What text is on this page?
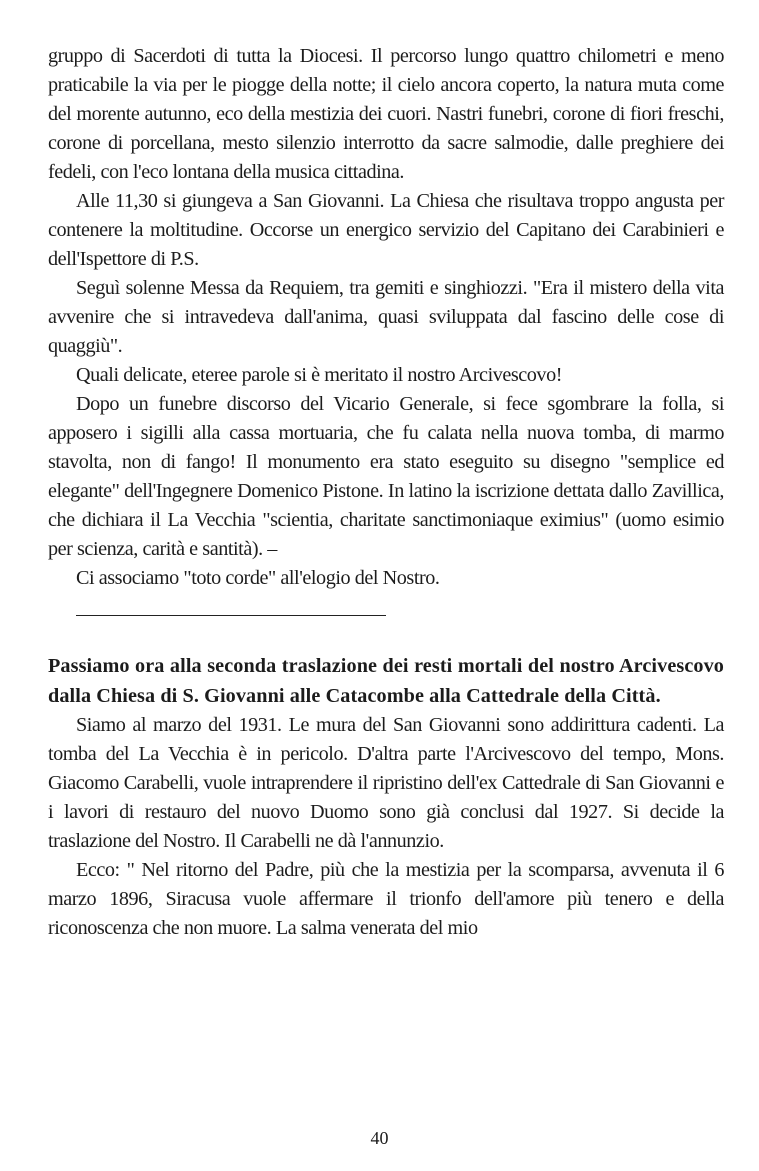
gruppo di Sacerdoti di tutta la Diocesi. Il percorso lungo quattro chilometri e meno praticabile la via per le piogge della notte; il cielo ancora coperto, la natura muta come del morente autunno, eco della mestizia dei cuori. Nastri funebri, corone di fiori freschi, corone di porcellana, mesto silenzio interrotto da sacre salmodie, dalle preghiere dei fedeli, con l'eco lontana della musica cittadina.

Alle 11,30 si giungeva a San Giovanni. La Chiesa che risultava troppo angusta per contenere la moltitudine. Occorse un energico servizio del Capitano dei Carabinieri e dell'Ispettore di P.S.

Seguì solenne Messa da Requiem, tra gemiti e singhiozzi. "Era il mistero della vita avvenire che si intravedeva dall'anima, quasi sviluppata dal fascino delle cose di quaggiù".

Quali delicate, eteree parole si è meritato il nostro Arcivescovo!

Dopo un funebre discorso del Vicario Generale, si fece sgombrare la folla, si apposero i sigilli alla cassa mortuaria, che fu calata nella nuova tomba, di marmo stavolta, non di fango! Il monumento era stato eseguito su disegno "semplice ed elegante" dell'Ingegnere Domenico Pistone. In latino la iscrizione dettata dallo Zavillica, che dichiara il La Vecchia "scientia, charitate sanctimoniaque eximius" (uomo esimio per scienza, carità e santità). –

Ci associamo "toto corde" all'elogio del Nostro.

Passiamo ora alla seconda traslazione dei resti mortali del nostro Arcivescovo dalla Chiesa di S. Giovanni alle Catacombe alla Cattedrale della Città.

Siamo al marzo del 1931. Le mura del San Giovanni sono addirittura cadenti. La tomba del La Vecchia è in pericolo. D'altra parte l'Arcivescovo del tempo, Mons. Giacomo Carabelli, vuole intraprendere il ripristino dell'ex Cattedrale di San Giovanni e i lavori di restauro del nuovo Duomo sono già conclusi dal 1927. Si decide la traslazione del Nostro. Il Carabelli ne dà l'annunzio.

Ecco: " Nel ritorno del Padre, più che la mestizia per la scomparsa, avvenuta il 6 marzo 1896, Siracusa vuole affermare il trionfo dell'amore più tenero e della riconoscenza che non muore. La salma venerata del mio

40
